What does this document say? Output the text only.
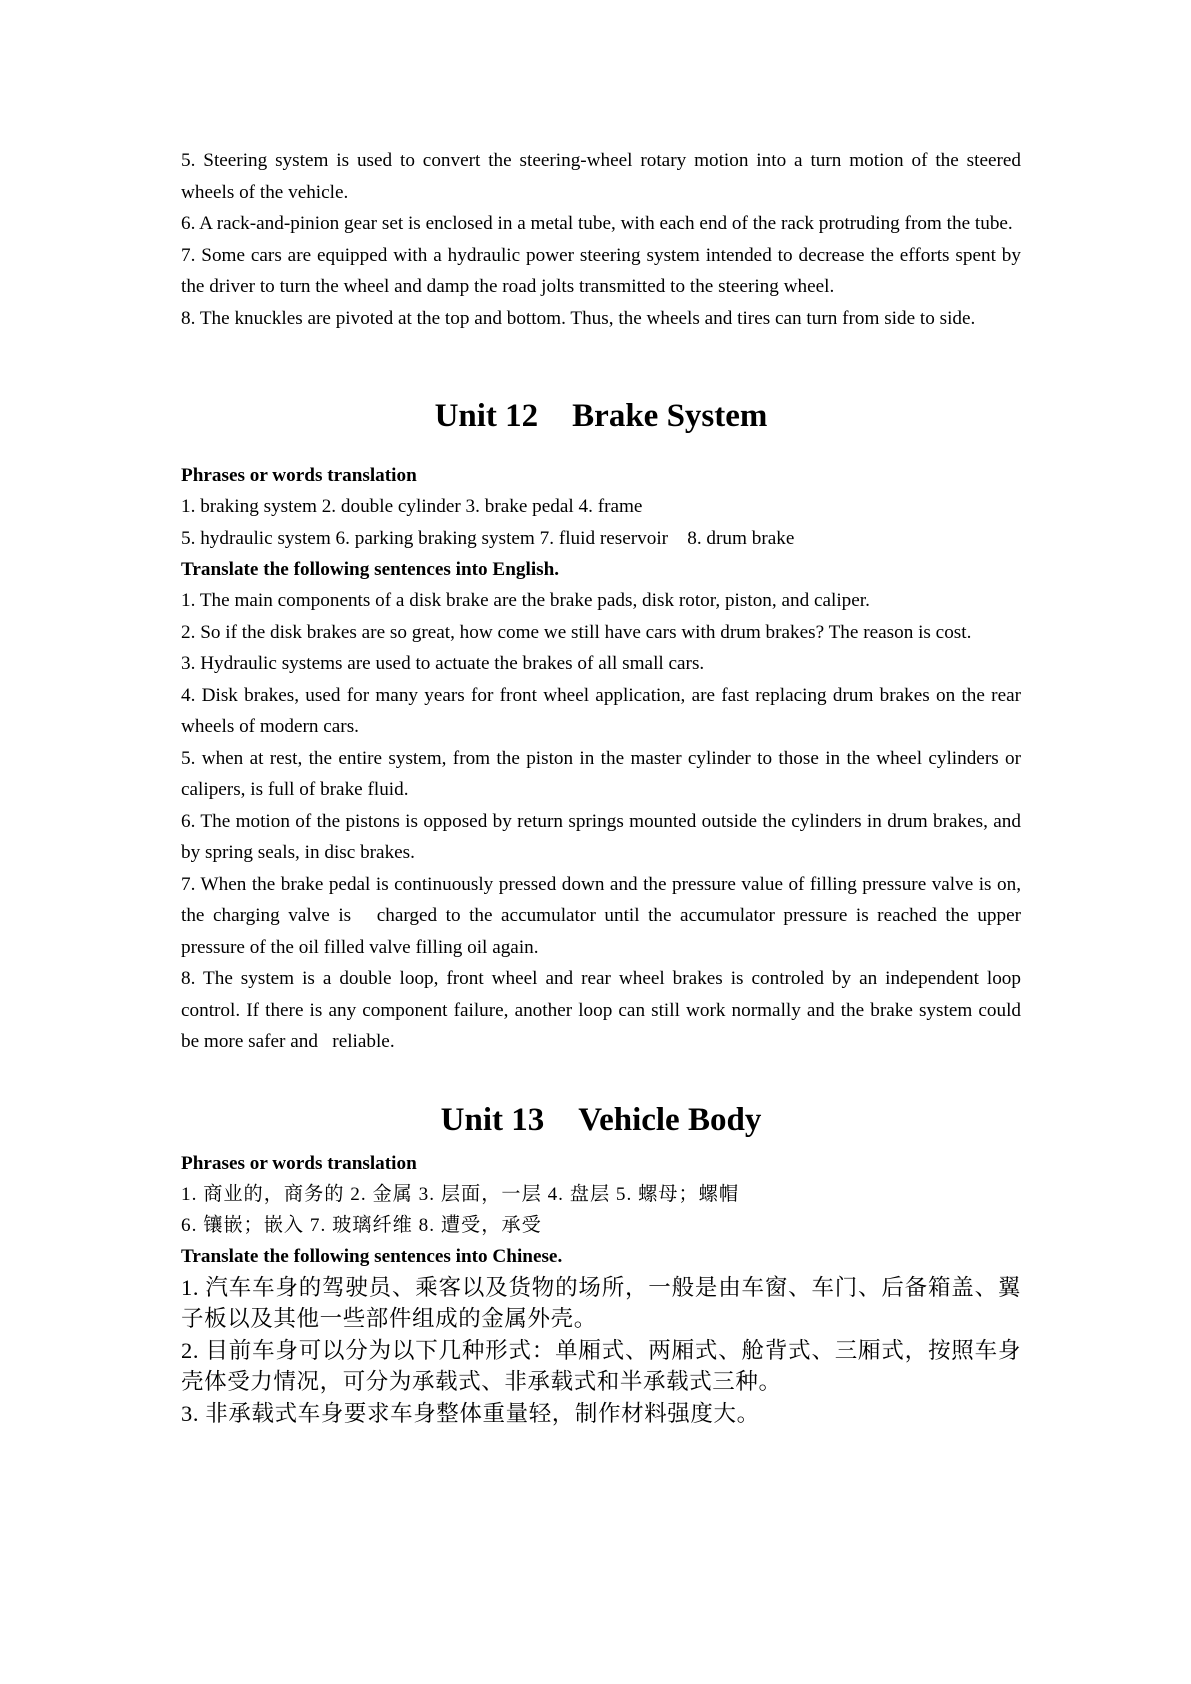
5. Steering system is used to convert the steering-wheel rotary motion into a turn motion of the steered wheels of the vehicle.

6. A rack-and-pinion gear set is enclosed in a metal tube, with each end of the rack protruding from the tube.

7. Some cars are equipped with a hydraulic power steering system intended to decrease the efforts spent by the driver to turn the wheel and damp the road jolts transmitted to the steering wheel.

8. The knuckles are pivoted at the top and bottom. Thus, the wheels and tires can turn from side to side.

Unit 12 Brake System

Phrases or words translation

1. braking system 2. double cylinder 3. brake pedal 4. frame

5. hydraulic system 6. parking braking system 7. fluid reservoir    8. drum brake

Translate the following sentences into English.

1. The main components of a disk brake are the brake pads, disk rotor, piston, and caliper.

2. So if the disk brakes are so great, how come we still have cars with drum brakes? The reason is cost.

3. Hydraulic systems are used to actuate the brakes of all small cars.

4. Disk brakes, used for many years for front wheel application, are fast replacing drum brakes on the rear wheels of modern cars.

5. when at rest, the entire system, from the piston in the master cylinder to those in the wheel cylinders or calipers, is full of brake fluid.

6. The motion of the pistons is opposed by return springs mounted outside the cylinders in drum brakes, and by spring seals, in disc brakes.

7. When the brake pedal is continuously pressed down and the pressure value of filling pressure valve is on, the charging valve is   charged to the accumulator until the accumulator pressure is reached the upper pressure of the oil filled valve filling oil again.

8. The system is a double loop, front wheel and rear wheel brakes is controled by an independent loop control. If there is any component failure, another loop can still work normally and the brake system could   be more safer and   reliable.

Unit 13 Vehicle Body

Phrases or words translation

1. 商业的，商务的 2. 金属 3. 层面，一层 4. 盘层 5. 螺母；螺帽

6. 镶嵌；嵌入 7. 玻璃纤维 8. 遭受，承受

Translate the following sentences into Chinese.

1. 汽车车身的驾驶员、乘客以及货物的场所，一般是由车窗、车门、后备箱盖、翼子板以及其他一些部件组成的金属外壳。

2. 目前车身可以分为以下几种形式：单厢式、两厢式、舱背式、三厢式，按照车身壳体受力情况，可分为承载式、非承载式和半承载式三种。

3. 非承载式车身要求车身整体重量轻，制作材料强度大。
